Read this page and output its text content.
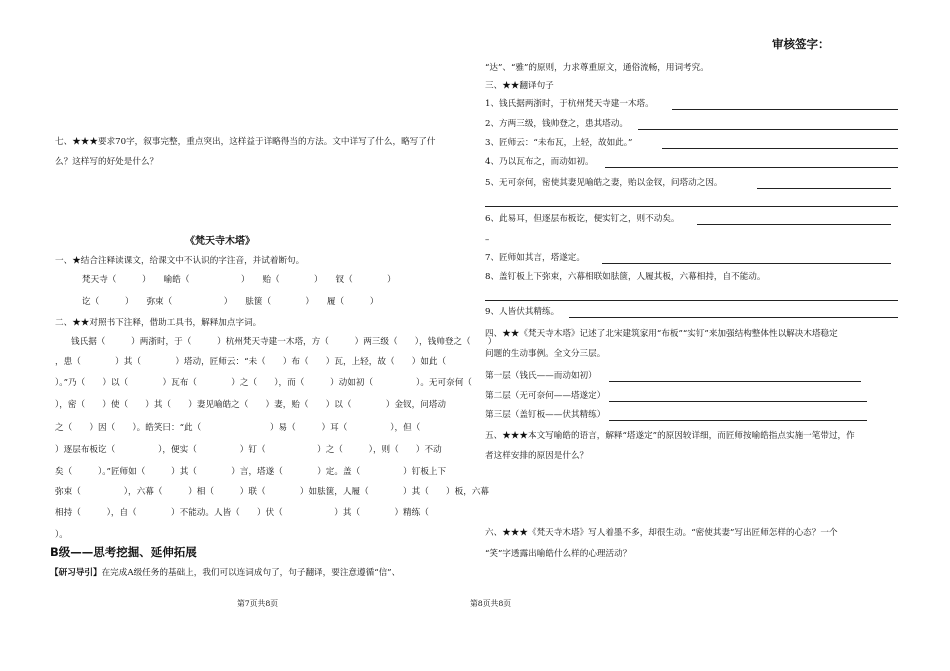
七、★★★要求70字，叙事完整，重点突出，这样益于详略得当的方法。文中详写了什么，略写了什
么？这样写的好处是什么？
《梵天寺木塔》
一、★结合注释读课文，给课文中不认识的字注音，并试着断句。
梵天寺（　　　）　　喻皓（　　　　　　）　　贻（　　　　）　　钗（　　　　）
讫（　　　）　　弥束（　　　　　　）　　胠箧（　　　　）　　履（　　　）
二、★★对照书下注释，借助工具书，解释加点字词。
钱氏据（　　　）两浙时，于（　　　）杭州梵天寺建一木塔，方（　　　）两三级（　　），钱帅登之（　　）
，患（　　　　）其（　　　　）塔动，匠师云：“未（　　）布（　　）瓦，上轻，故（　　）如此（　　
）。”乃（　　）以（　　　　）瓦布（　　　　）之（　　），而（　　　）动如初（　　　　　）。无可奈何（　　
），密（　　）使（　　）其（　　）妻见喻皓之（　　）妻，贻（　　）以（　　　　）金钗，问塔动
之（　　）因（　　）。皓笑曰：“此（　　　　　　　　）易（　　　）耳（　　　　　），但（　　
）逐层布板讫（　　　　　），便实（　　　　　）钉（　　　　　　）之（　　　），则（　　）不动
矣（　　　）。”匠师如（　　　）其（　　　　）言，塔遂（　　　　）定。盖（　　　　　）钉板上下
弥束（　　　　　），六幕（　　　）相（　　　）联（　　　　）如胠箧，人履（　　　　）其（　　）板，六幕
相持（　　　），自（　　　　）不能动。人皆（　　）伏（　　　　　　）其（　　　　）精练（　　
）。
B级——思考挖掘、延伸拓展
【研习导引】在完成A级任务的基础上，我们可以连词成句了，句子翻译，要注意遵循“信”、
第7页共8页
审核签字：
“达”、“雅”的原则，力求尊重原文，通俗流畅，用词考究。
三、★★翻译句子
1、钱氏据两浙时，于杭州梵天寺建一木塔。
2、方两三级，钱帅登之，患其塔动。
3、匠师云：“未布瓦，上轻，故如此。”
4、乃以瓦布之，而动如初。
5、无可奈何，密使其妻见喻皓之妻，贻以金钗，问塔动之因。
6、此易耳，但逐层布板讫，便实钉之，则不动矣。
–
7、匠师如其言，塔遂定。
8、盖钉板上下弥束，六幕相联如胠箧，人履其板，六幕相持，自不能动。
9、人皆伏其精练。
四、★★《梵天寺木塔》记述了北宋建筑家用“布板”“实钉”来加强结构整体性以解决木塔稳定
问题的生动事例。全文分三层。
第一层（钱氏——而动如初）
第二层（无可奈何——塔遂定）
第三层（盖钉板——伏其精练）
五、★★★本文写喻皓的语言，解释“塔遂定”的原因较详细，而匠师按喻皓指点实施一笔带过，作
者这样安排的原因是什么？
六、★★★《梵天寺木塔》写人着墨不多，却很生动。“密使其妻”写出匠师怎样的心态？一个
“笑”字透露出喻皓什么样的心理活动？
第8页共8页
